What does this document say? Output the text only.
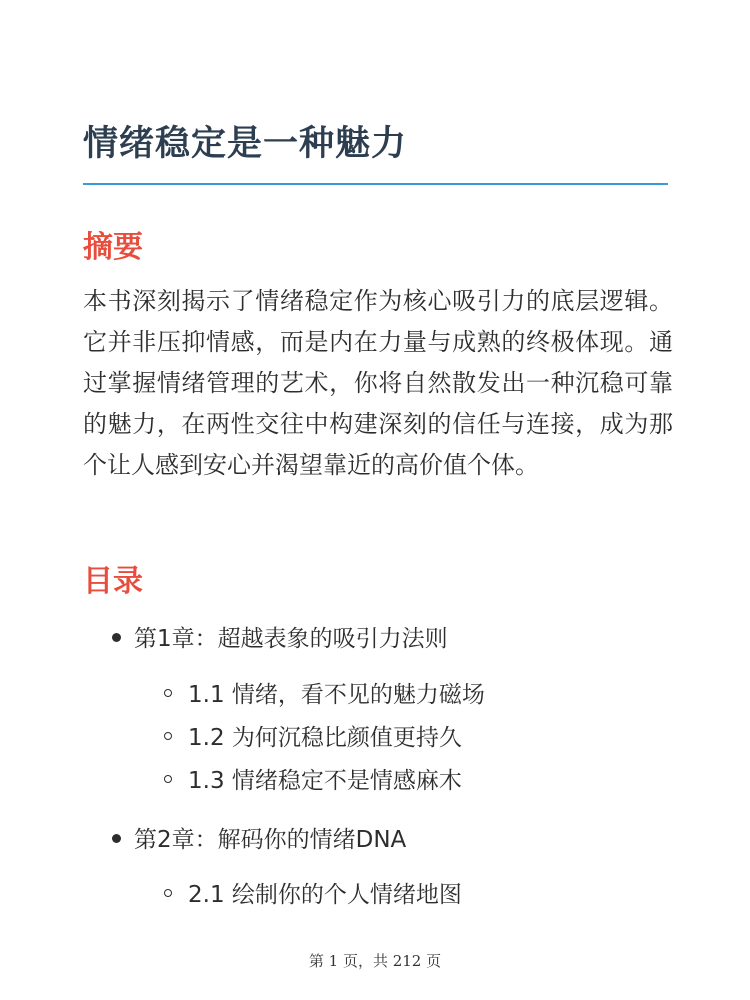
情绪稳定是一种魅力
摘要

本书深刻揭示了情绪稳定作为核心吸引力的底层逻辑。它并非压抑情感，而是内在力量与成熟的终极体现。通过掌握情绪管理的艺术，你将自然散发出一种沉稳可靠的魅力，在两性交往中构建深刻的信任与连接，成为那个让人感到安心并渴望靠近的高价值个体。

目录
第1章：超越表象的吸引力法则
1.1 情绪，看不见的魅力磁场
1.2 为何沉稳比颜值更持久
1.3 情绪稳定不是情感麻木
第2章：解码你的情绪DNA
2.1 绘制你的个人情绪地图
第 1 页，共 212 页
